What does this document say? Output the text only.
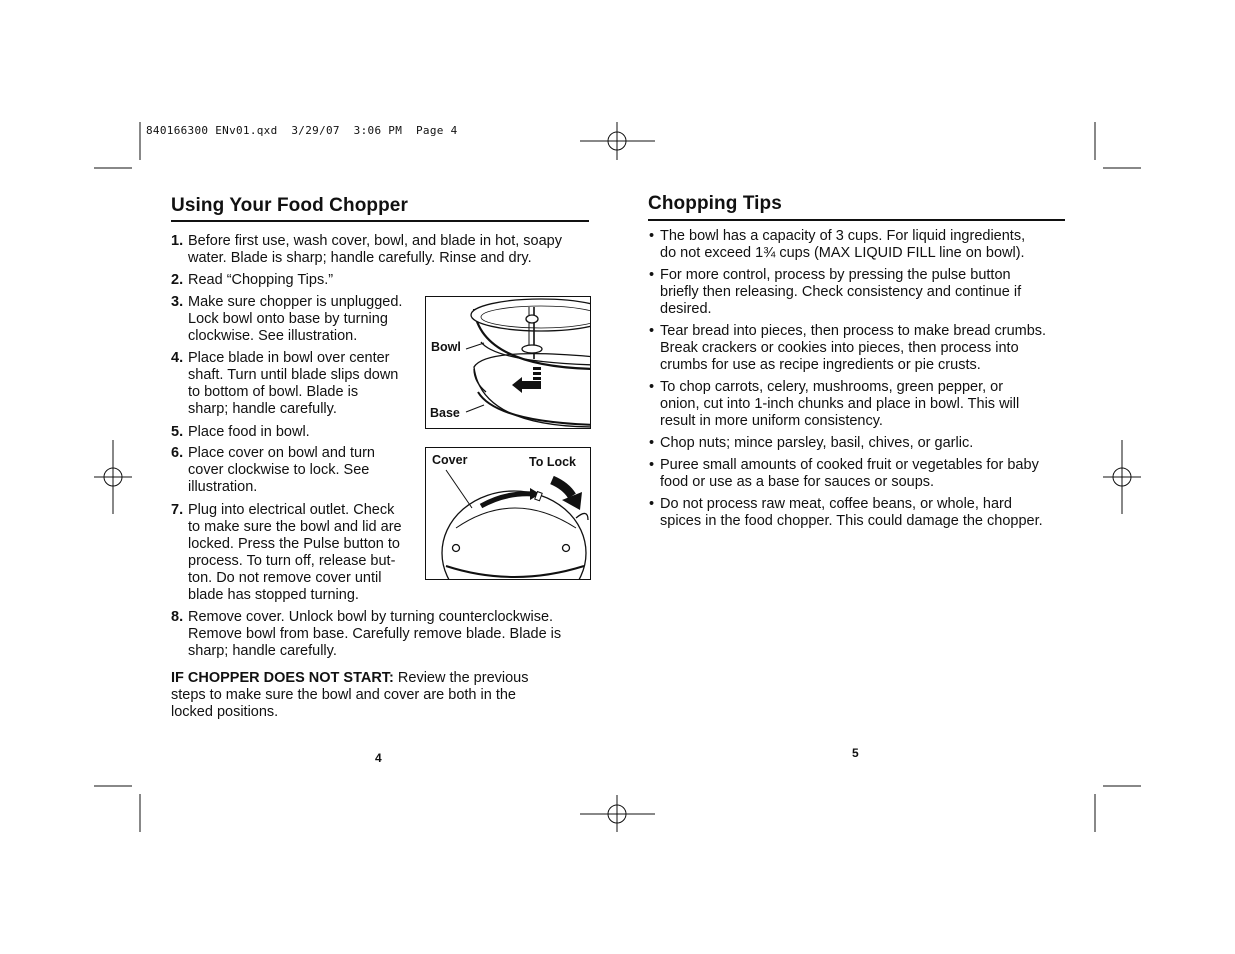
840166300 ENv01.qxd  3/29/07  3:06 PM  Page 4
Using Your Food Chopper
1. Before first use, wash cover, bowl, and blade in hot, soapy
water. Blade is sharp; handle carefully. Rinse and dry.
2. Read “Chopping Tips.”
3. Make sure chopper is unplugged.
Lock bowl onto base by turning
clockwise. See illustration.
4. Place blade in bowl over center
shaft. Turn until blade slips down
to bottom of bowl. Blade is
sharp; handle carefully.
5. Place food in bowl.
6. Place cover on bowl and turn
cover clockwise to lock. See
illustration.
7. Plug into electrical outlet. Check
to make sure the bowl and lid are
locked. Press the Pulse button to
process. To turn off, release but-
ton. Do not remove cover until
blade has stopped turning.
8. Remove cover. Unlock bowl by turning counterclockwise.
Remove bowl from base. Carefully remove blade. Blade is
sharp; handle carefully.
IF CHOPPER DOES NOT START: Review the previous
steps to make sure the bowl and cover are both in the
locked positions.
4
Bowl
Base
Cover	To Lock
Chopping Tips
• The bowl has a capacity of 3 cups. For liquid ingredients,
do not exceed 1¾ cups (MAX LIQUID FILL line on bowl).
• For more control, process by pressing the pulse button
briefly then releasing. Check consistency and continue if
desired.
• Tear bread into pieces, then process to make bread crumbs.
Break crackers or cookies into pieces, then process into
crumbs for use as recipe ingredients or pie crusts.
• To chop carrots, celery, mushrooms, green pepper, or
onion, cut into 1-inch chunks and place in bowl. This will
result in more uniform consistency.
• Chop nuts; mince parsley, basil, chives, or garlic.
• Puree small amounts of cooked fruit or vegetables for baby
food or use as a base for sauces or soups.
• Do not process raw meat, coffee beans, or whole, hard
spices in the food chopper. This could damage the chopper.
5
